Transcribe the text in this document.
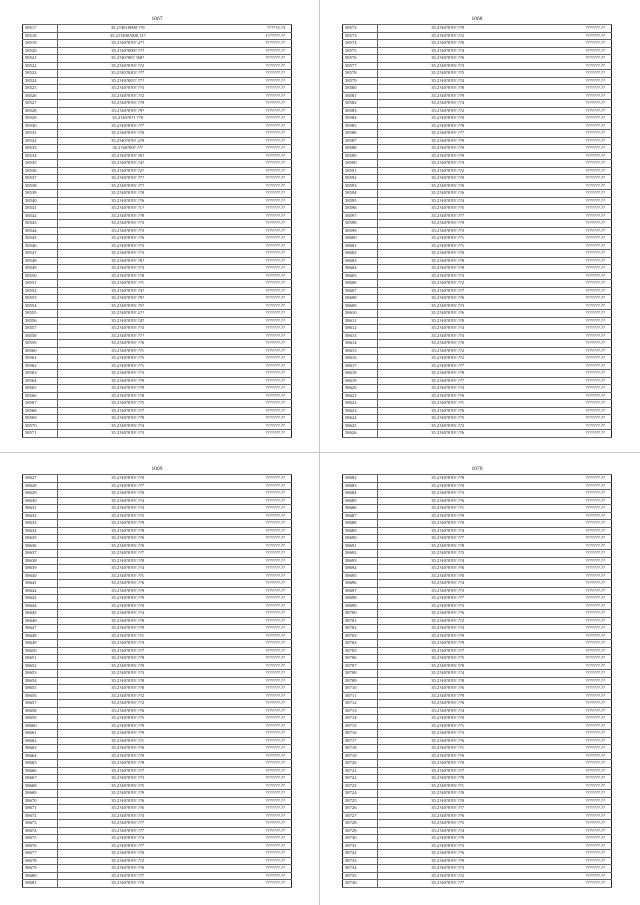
1067
58517	35.2?4010000.??9	?????3.?3
58518	35.21?400?000.?2?	1??????.??
58519	35.2?40?0?0?.2??	?7?????.??
58520	35.2?40?000?.???	???????.??
58521	35.2?40?00?.?60?	???????.??
58522	35.2?40?0?0?.??2	???????.??
58523	35.2?40?020?.??7	???????.??
58524	35.2?40?00??.?7?	???????.??
58525	35.2?40?0?0?.??3	???????.??
58526	35.2?40?0?0?.??2	???????.??
58527	35.2?40?0?0?.??9	???????.??
58528	35.2?40?0?0?.?9?	???????.??
58529	35.2?40?0??.?70	???????.??
58530	35.2?40?0?0?.??7	???????.??
58531	35.2?40?0?0?.??0	???????.??
58532	35.2?40?0?0?.2?9	???????.??
58533	35.2?40?00?.???	???????.??
58534	35.2?40?0?0?.?0?	???????.??
58535	35.2?40?0?0?.?4?	???????.??
58536	35.2?40?0?0?.?2?	???????.??
58537	35.2?40?0?0?.?7?	???????.??
58538	35.2?40?0?0?.?7?	???????.??
58539	35.2?40?0?0?.??8	???????.??
58540	35.2?40?0?0?.??6	???????.??
58541	35.2?40?0?0?.?1?	???????.??
58542	35.2?40?0?0?.??8	???????.??
58543	35.2?40?0?0?.??3	???????.??
58544	35.2?40?0?0?.??3	???????.??
58545	35.2?40?0?0?.??6	???????.??
58546	35.2?40?0?0?.??3	???????.??
58547	35.2?40?0?0?.??3	???????.??
58548	35.2?40?0?0?.?0?	???????.??
58549	35.2?40?0?0?.??3	???????.??
58550	35.2?40?0?0?.??8	???????.??
58551	35.2?40?0?0?.??1	???????.??
58552	35.2?40?0?0?.?4?	???????.??
58553	35.2?40?0?0?.?9?	???????.??
58554	35.2?40?0?0?.?5?	???????.??
58555	35.2?40?0?0?.2??	???????.??
58556	35.2?40?0?0?.?4?	???????.??
58557	35.2?40?0?0?.??3	???????.??
58558	35.2?40?0?0?.?7?	???????.??
58559	35.2?40?0?0?.??6	???????.??
58560	35.2?40?0?0?.??1	???????.??
58561	35.2?40?0?0?.??5	???????.??
58562	35.2?40?0?0?.??1	???????.??
58563	35.2?40?0?0?.??3	???????.??
58564	35.2?40?0?0?.??9	???????.??
58565	35.2?40?0?0?.??9	???????.??
58566	35.2?40?0?0?.??8	???????.??
58567	35.2?40?0?0?.??5	???????.??
58568	35.2?40?0?0?.??7	???????.??
58569	35.2?40?0?0?.??9	???????.??
58570	35.2?40?0?0?.??4	???????.??
58571	35.2?40?0?0?.??3	???????.??
1068
58572	35.2?40?0?0?.??9	???????.??
58573	35.2?40?0?0?.??2	???????.??
58574	35.2?40?0?0?.??6	???????.??
58575	35.2?40?0?0?.??4	???????.??
58576	35.2?40?0?0?.??6	???????.??
58577	35.2?40?0?0?.??3	???????.??
58578	35.2?40?0?0?.??5	???????.??
58579	35.2?40?0?0?.??4	???????.??
58580	35.2?40?0?0?.??8	???????.??
58581	35.2?40?0?0?.??9	???????.??
58582	35.2?40?0?0?.??4	???????.??
58583	35.2?40?0?0?.??2	???????.??
58584	35.2?40?0?0?.??0	???????.??
58585	35.2?40?0?0?.??8	???????.??
58586	35.2?40?0?0?.??7	???????.??
58587	35.2?40?0?0?.??9	???????.??
58588	35.2?40?0?0?.??0	???????.??
58589	35.2?40?0?0?.??9	???????.??
58590	35.2?40?0?0?.??3	???????.??
58591	35.2?40?0?0?.??2	???????.??
58592	35.2?40?0?0?.??0	???????.??
58593	35.2?40?0?0?.??0	???????.??
58594	35.2?40?0?0?.??6	???????.??
58595	35.2?40?0?0?.??4	???????.??
58596	35.2?40?0?0?.??5	???????.??
58597	35.2?40?0?0?.??7	???????.??
58598	35.2?40?0?0?.??9	???????.??
58599	35.2?40?0?0?.??3	???????.??
58600	35.2?40?0?0?.??1	???????.??
58601	35.2?40?0?0?.??1	???????.??
58602	35.2?40?0?0?.??0	???????.??
58603	35.2?40?0?0?.??8	???????.??
58604	35.2?40?0?0?.??8	???????.??
58605	35.2?40?0?0?.??3	???????.??
58606	35.2?40?0?0?.??2	???????.??
58607	35.2?40?0?0?.??7	???????.??
58608	35.2?40?0?0?.??6	???????.??
58609	35.2?40?0?0?.??3	???????.??
58610	35.2?40?0?0?.??6	???????.??
58611	35.2?40?0?0?.??8	???????.??
58612	35.2?40?0?0?.??4	???????.??
58613	35.2?40?0?0?.??3	???????.??
58614	35.2?40?0?0?.??0	???????.??
58615	35.2?40?0?0?.??2	???????.??
58616	35.2?40?0?0?.??2	???????.??
58617	35.2?40?0?0?.??7	???????.??
58618	35.2?40?0?0?.??8	???????.??
58619	35.2?40?0?0?.??7	???????.??
58620	35.2?40?0?0?.??4	???????.??
58621	35.2?40?0?0?.??6	???????.??
58622	35.2?40?0?0?.??1	???????.??
58623	35.2?40?0?0?.??6	???????.??
58624	35.2?40?0?0?.??5	???????.??
58625	35.2?40?0?0?.??2	???????.??
58626	35.2?40?0?0?.??6	???????.??
1069
58627	35.2?40?0?0?.??0	???????.??
58628	35.2?40?0?0?.??7	???????.??
58629	35.2?40?0?0?.??0	???????.??
58630	35.2?40?0?0?.??4	???????.??
58631	35.2?40?0?0?.??4	???????.??
58632	35.2?40?0?0?.??5	???????.??
58633	35.2?40?0?0?.??9	???????.??
58634	35.2?40?0?0?.??8	???????.??
58635	35.2?40?0?0?.??6	???????.??
58636	35.2?40?0?0?.??0	???????.??
58637	35.2?40?0?0?.??7	???????.??
58638	35.2?40?0?0?.??8	???????.??
58639	35.2?40?0?0?.??4	???????.??
58640	35.2?40?0?0?.??1	???????.??
58641	35.2?40?0?0?.??6	???????.??
58642	35.2?40?0?0?.??9	???????.??
58643	35.2?40?0?0?.??9	???????.??
58644	35.2?40?0?0?.??0	???????.??
58645	35.2?40?0?0?.??4	???????.??
58646	35.2?40?0?0?.??8	???????.??
58647	35.2?40?0?0?.??9	???????.??
58648	35.2?40?0?0?.??1	???????.??
58649	35.2?40?0?0?.??3	???????.??
58650	35.2?40?0?0?.??7	???????.??
58651	35.2?40?0?0?.??8	???????.??
58652	35.2?40?0?0?.??9	???????.??
58653	35.2?40?0?0?.??3	???????.??
58654	35.2?40?0?0?.??8	???????.??
58655	35.2?40?0?0?.??8	???????.??
58656	35.2?40?0?0?.??2	???????.??
58657	35.2?40?0?0?.??2	???????.??
58658	35.2?40?0?0?.??6	???????.??
58659	35.2?40?0?0?.??5	???????.??
58660	35.2?40?0?0?.??9	???????.??
58661	35.2?40?0?0?.??9	???????.??
58662	35.2?40?0?0?.??1	???????.??
58663	35.2?40?0?0?.??6	???????.??
58664	35.2?40?0?0?.??0	???????.??
58665	35.2?40?0?0?.??8	???????.??
58666	35.2?40?0?0?.??7	???????.??
58667	35.2?40?0?0?.??3	???????.??
58668	35.2?40?0?0?.??5	???????.??
58669	35.2?40?0?0?.??9	???????.??
58670	35.2?40?0?0?.??6	???????.??
58671	35.2?40?0?0?.??6	???????.??
58672	35.2?40?0?0?.??3	???????.??
58673	35.2?40?0?0?.??7	???????.??
58674	35.2?40?0?0?.??7	???????.??
58675	35.2?40?0?0?.??4	???????.??
58676	35.2?40?0?0?.??7	???????.??
58677	35.2?40?0?0?.??0	???????.??
58678	35.2?40?0?0?.??2	???????.??
58679	35.2?40?0?0?.??6	???????.??
58680	35.2?40?0?0?.??7	???????.??
58681	35.2?40?0?0?.??0	???????.??
1070
58682	35.2?40?0?0?.??8	???????.??
58683	35.2?40?0?0?.??0	???????.??
58684	35.2?40?0?0?.??3	???????.??
58685	35.2?40?0?0?.??6	???????.??
58686	35.2?40?0?0?.??1	???????.??
58687	35.2?40?0?0?.??9	???????.??
58688	35.2?40?0?0?.??0	???????.??
58689	35.2?40?0?0?.??4	???????.??
58690	35.2?40?0?0?.??7	???????.??
58691	35.2?40?0?0?.??8	???????.??
58692	35.2?40?0?0?.??3	???????.??
58693	35.2?40?0?0?.??4	???????.??
58694	35.2?40?0?0?.??6	???????.??
58695	35.2?40?0?0?.??0	???????.??
58696	35.2?40?0?0?.??4	???????.??
58697	35.2?40?0?0?.??3	???????.??
58698	35.2?40?0?0?.??7	???????.??
58699	35.2?40?0?0?.??3	???????.??
58700	35.2?40?0?0?.??6	???????.??
58701	35.2?40?0?0?.??2	???????.??
58702	35.2?40?0?0?.??4	???????.??
58703	35.2?40?0?0?.??9	???????.??
58704	35.2?40?0?0?.??9	???????.??
58705	35.2?40?0?0?.??7	???????.??
58706	35.2?40?0?0?.??5	???????.??
58707	35.2?40?0?0?.??9	???????.??
58708	35.2?40?0?0?.??4	???????.??
58709	35.2?40?0?0?.??8	???????.??
58710	35.2?40?0?0?.??6	???????.??
58711	35.2?40?0?0?.??9	???????.??
58712	35.2?40?0?0?.??6	???????.??
58713	35.2?40?0?0?.??4	???????.??
58714	35.2?40?0?0?.??0	???????.??
58715	35.2?40?0?0?.??1	???????.??
58716	35.2?40?0?0?.??3	???????.??
58717	35.2?40?0?0?.??6	???????.??
58718	35.2?40?0?0?.??1	???????.??
58719	35.2?40?0?0?.??6	???????.??
58720	35.2?40?0?0?.??0	???????.??
58721	35.2?40?0?0?.??7	???????.??
58722	35.2?40?0?0?.??9	???????.??
58723	35.2?40?0?0?.??1	???????.??
58724	35.2?40?0?0?.??0	???????.??
58725	35.2?40?0?0?.??0	???????.??
58726	35.2?40?0?0?.??7	???????.??
58727	35.2?40?0?0?.??6	???????.??
58728	35.2?40?0?0?.??5	???????.??
58729	35.2?40?0?0?.??4	???????.??
58730	35.2?40?0?0?.??9	???????.??
58731	35.2?40?0?0?.??3	???????.??
58732	35.2?40?0?0?.??6	???????.??
58733	35.2?40?0?0?.??9	???????.??
58734	35.2?40?0?0?.??3	???????.??
58735	35.2?40?0?0?.??2	???????.??
58736	35.2?40?0?0?.??7	???????.??
